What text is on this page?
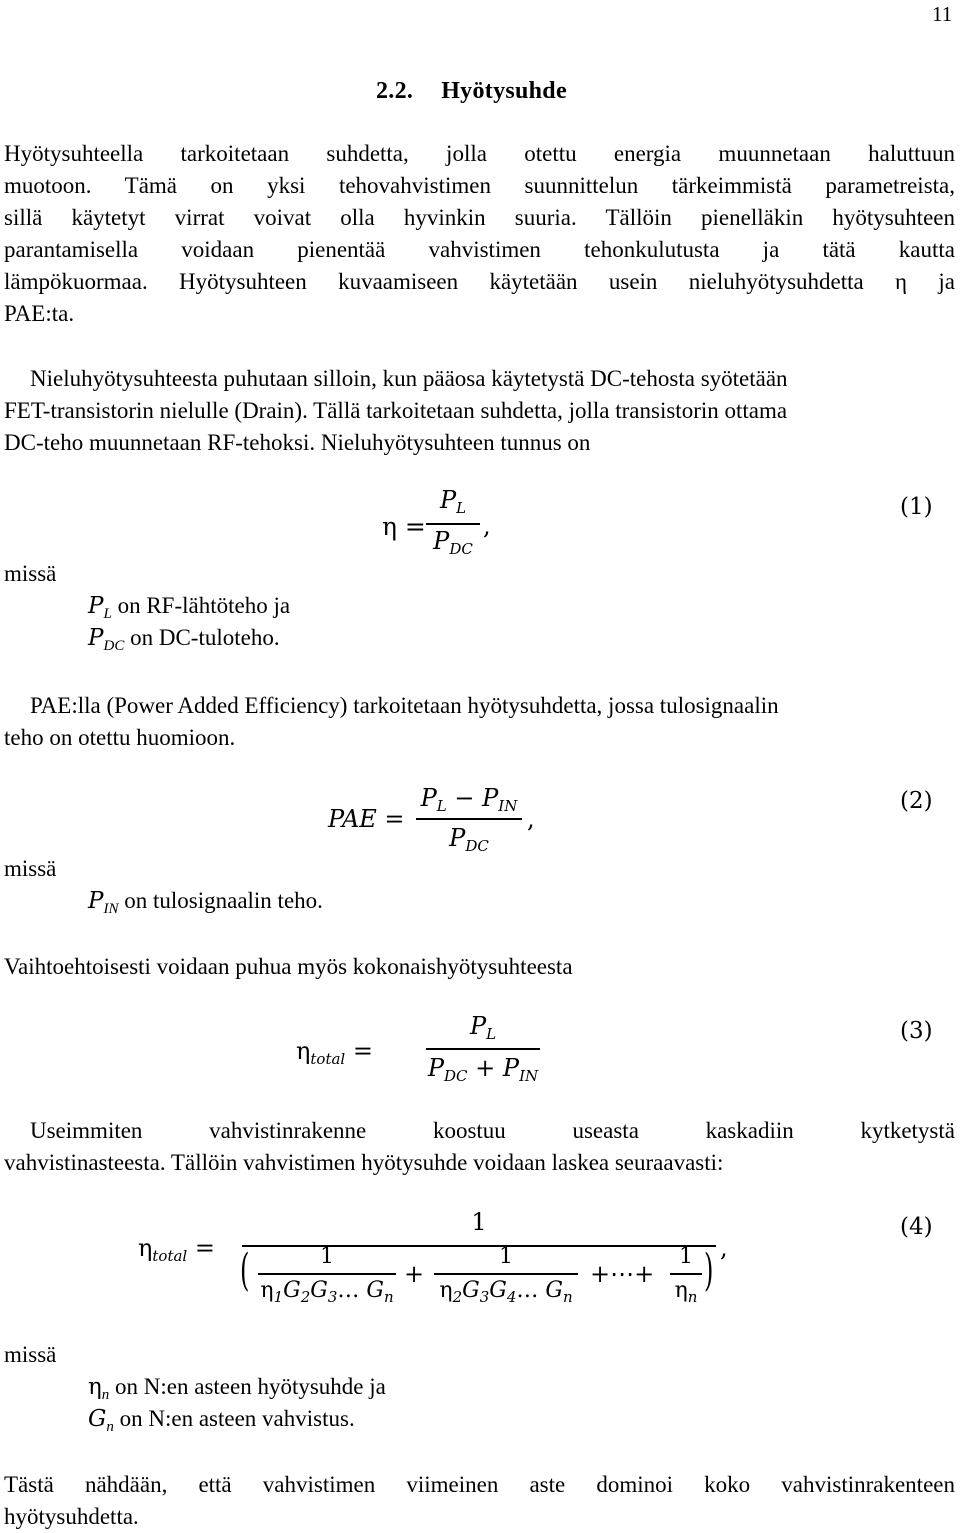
11
2.2. Hyötysuhde
Hyötysuhteella tarkoitetaan suhdetta, jolla otettu energia muunnetaan haluttuun
muotoon. Tämä on yksi tehovahvistimen suunnittelun tärkeimmistä parametreista,
sillä käytetyt virrat voivat olla hyvinkin suuria. Tällöin pienelläkin hyötysuhteen
parantamisella voidaan pienentää vahvistimen tehonkulutusta ja tätä kautta
lämpökuormaa. Hyötysuhteen kuvaamiseen käytetään usein nieluhyötysuhdetta η ja
PAE:ta.
Nieluhyötysuhteesta puhutaan silloin, kun pääosa käytetystä DC-tehosta syötetään
FET-transistorin nielulle (Drain). Tällä tarkoitetaan suhdetta, jolla transistorin ottama
DC-teho muunnetaan RF-tehoksi. Nieluhyötysuhteen tunnus on
η =
$P_L$
$P_{DC}$
,
(1)
missä
$P_L$ on RF-lähtöteho ja
$P_{DC}$ on DC-tuloteho.
PAE:lla (Power Added Efficiency) tarkoitetaan hyötysuhdetta, jossa tulosignaalin
teho on otettu huomioon.
PAE =
$P_L - P_{IN}$
$P_{DC}$
,
(2)
missä
$P_{IN}$ on tulosignaalin teho.
Vaihtoehtoisesti voidaan puhua myös kokonaishyötysuhteesta
$\eta_{total}$ =
$P_L$
$P_{DC} + P_{IN}$
(3)
Useimmiten vahvistinrakenne koostuu useasta kaskadiin kytketystä
vahvistinasteesta. Tällöin vahvistimen hyötysuhde voidaan laskea seuraavasti:
$\eta_{total}$ =
1
(	1
$\eta_1G_2G_3\dots$ $G_n$
+
1
$\eta_2G_3G_4\dots$ $G_n$
+⋯+
1
$\eta_n$
) ,
(4)
missä
$\eta_n$ on N:en asteen hyötysuhde ja
$G_n$ on N:en asteen vahvistus.
Tästä nähdään, että vahvistimen viimeinen aste dominoi koko vahvistinrakenteen
hyötysuhdetta.
